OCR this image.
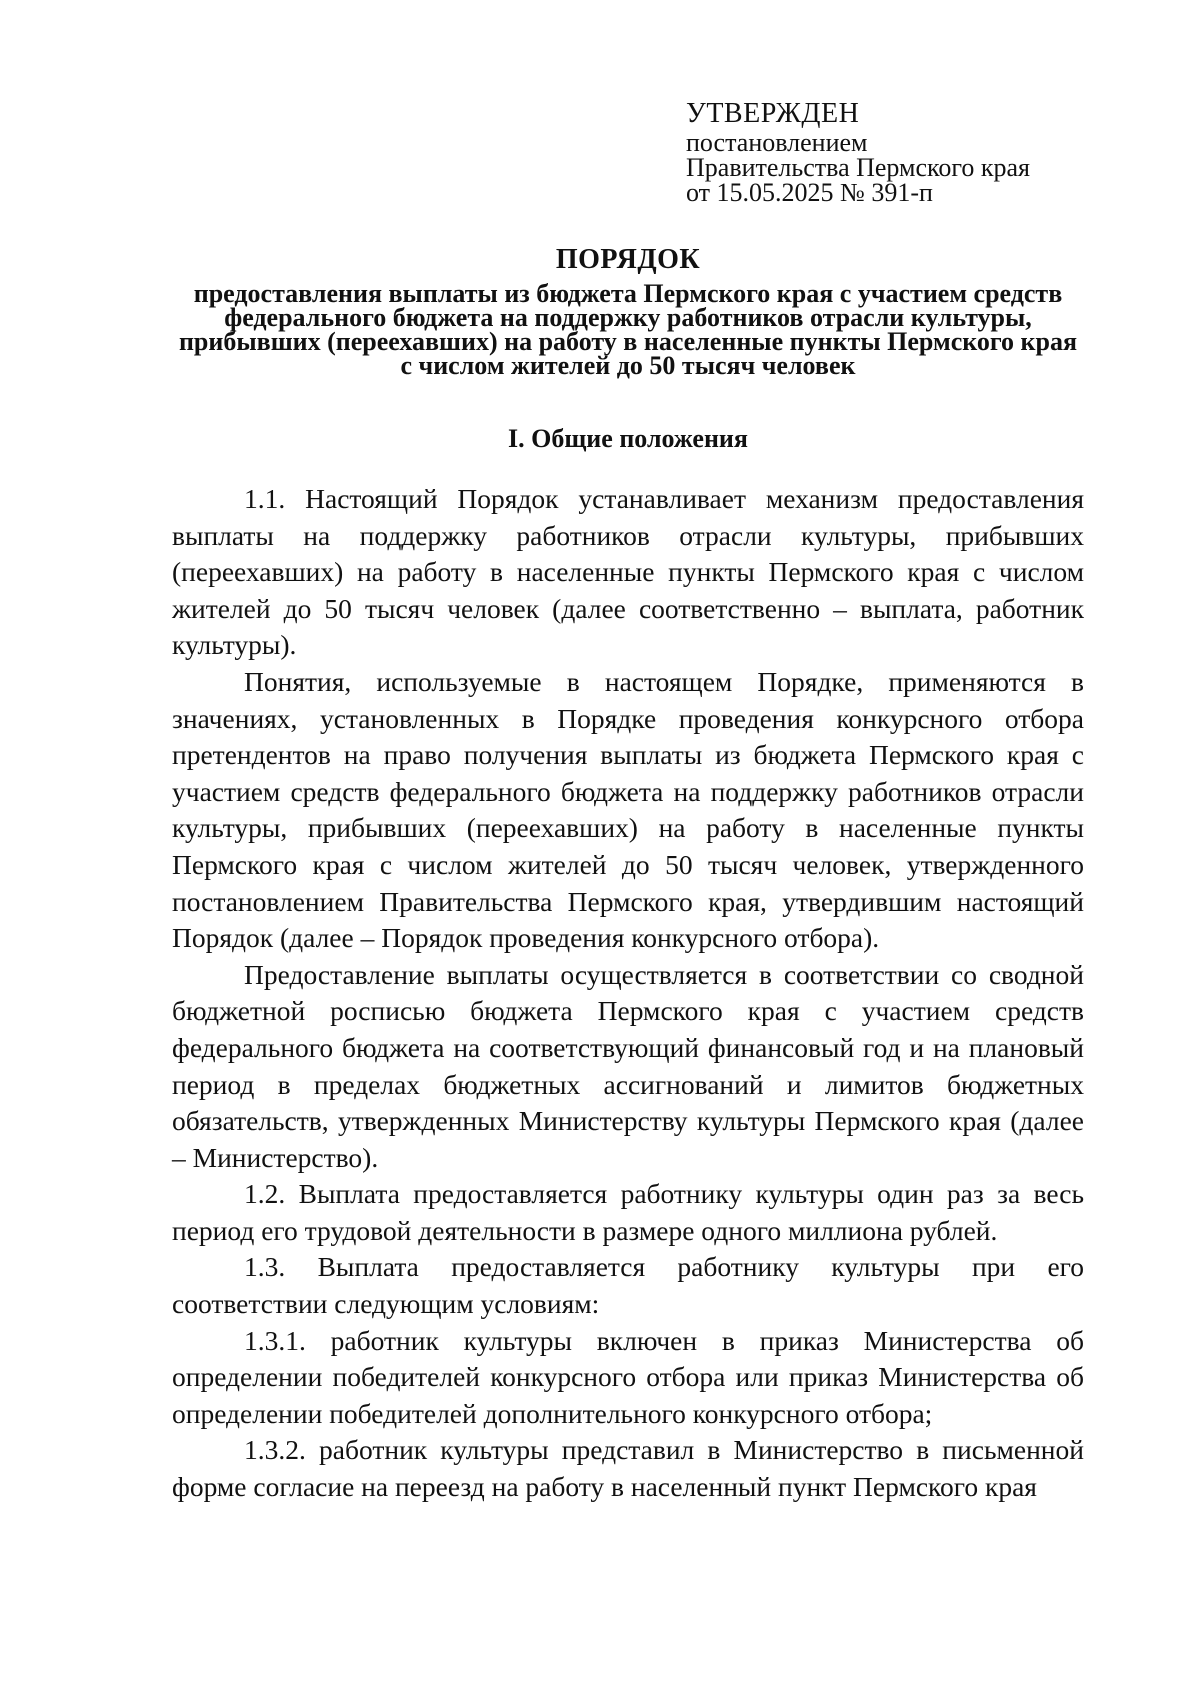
УТВЕРЖДЕН
постановлением
Правительства Пермского края
от 15.05.2025 № 391-п
ПОРЯДОК
предоставления выплаты из бюджета Пермского края с участием средств федерального бюджета на поддержку работников отрасли культуры, прибывших (переехавших) на работу в населенные пункты Пермского края с числом жителей до 50 тысяч человек
I. Общие положения

1.1. Настоящий Порядок устанавливает механизм предоставления выплаты на поддержку работников отрасли культуры, прибывших (переехавших) на работу в населенные пункты Пермского края с числом жителей до 50 тысяч человек (далее соответственно – выплата, работник культуры).

Понятия, используемые в настоящем Порядке, применяются в значениях, установленных в Порядке проведения конкурсного отбора претендентов на право получения выплаты из бюджета Пермского края с участием средств федерального бюджета на поддержку работников отрасли культуры, прибывших (переехавших) на работу в населенные пункты Пермского края с числом жителей до 50 тысяч человек, утвержденного постановлением Правительства Пермского края, утвердившим настоящий Порядок (далее – Порядок проведения конкурсного отбора).

Предоставление выплаты осуществляется в соответствии со сводной бюджетной росписью бюджета Пермского края с участием средств федерального бюджета на соответствующий финансовый год и на плановый период в пределах бюджетных ассигнований и лимитов бюджетных обязательств, утвержденных Министерству культуры Пермского края (далее – Министерство).

1.2. Выплата предоставляется работнику культуры один раз за весь период его трудовой деятельности в размере одного миллиона рублей.

1.3. Выплата предоставляется работнику культуры при его соответствии следующим условиям:

1.3.1. работник культуры включен в приказ Министерства об определении победителей конкурсного отбора или приказ Министерства об определении победителей дополнительного конкурсного отбора;

1.3.2. работник культуры представил в Министерство в письменной форме согласие на переезд на работу в населенный пункт Пермского края
